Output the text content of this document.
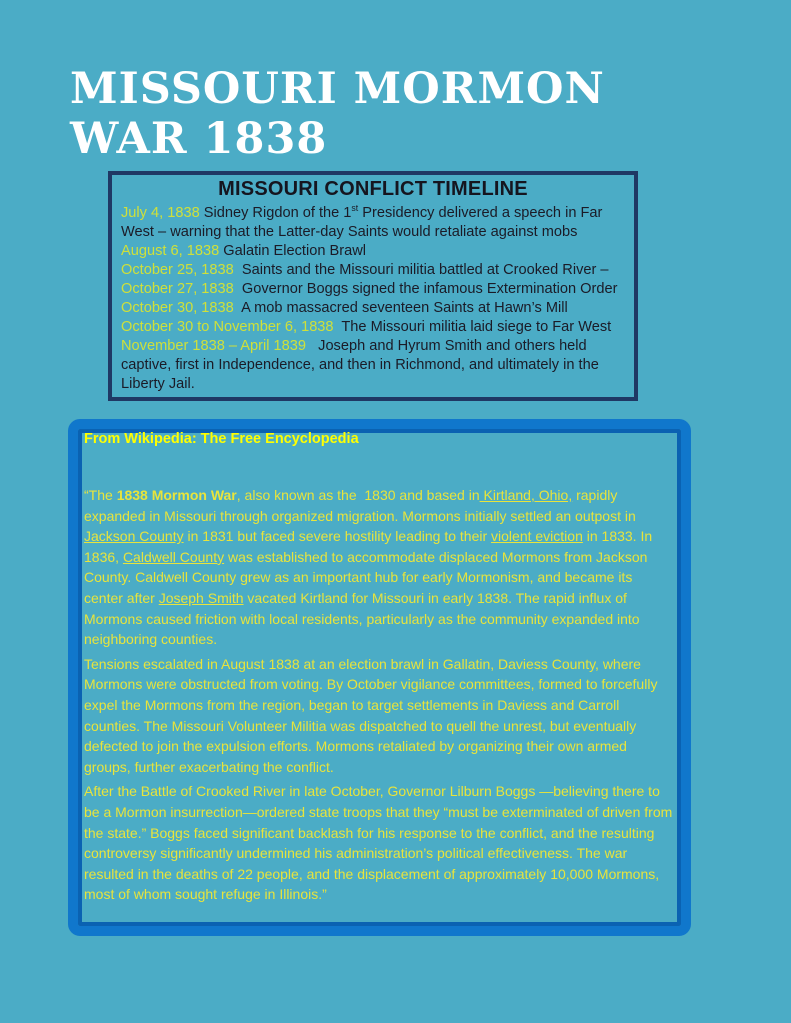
MISSOURI MORMON
WAR 1838
MISSOURI CONFLICT TIMELINE
July 4, 1838 Sidney Rigdon of the 1st Presidency delivered a speech in Far West – warning that the Latter-day Saints would retaliate against mobs
August 6, 1838 Galatin Election Brawl
October 25, 1838  Saints and the Missouri militia battled at Crooked River –
October 27, 1838  Governor Boggs signed the infamous Extermination Order
October 30, 1838  A mob massacred seventeen Saints at Hawn’s Mill
October 30 to November 6, 1838  The Missouri militia laid siege to Far West
November 1838 – April 1839   Joseph and Hyrum Smith and others held captive, first in Independence, and then in Richmond, and ultimately in the Liberty Jail.
From Wikipedia: The Free Encyclopedia

“The 1838 Mormon War, also known as the  1830 and based in Kirtland, Ohio, rapidly expanded in Missouri through organized migration. Mormons initially settled an outpost in Jackson County in 1831 but faced severe hostility leading to their violent eviction in 1833. In 1836, Caldwell County was established to accommodate displaced Mormons from Jackson County. Caldwell County grew as an important hub for early Mormonism, and became its center after Joseph Smith vacated Kirtland for Missouri in early 1838. The rapid influx of Mormons caused friction with local residents, particularly as the community expanded into neighboring counties.

Tensions escalated in August 1838 at an election brawl in Gallatin, Daviess County, where Mormons were obstructed from voting. By October vigilance committees, formed to forcefully expel the Mormons from the region, began to target settlements in Daviess and Carroll counties. The Missouri Volunteer Militia was dispatched to quell the unrest, but eventually defected to join the expulsion efforts. Mormons retaliated by organizing their own armed groups, further exacerbating the conflict.

After the Battle of Crooked River in late October, Governor Lilburn Boggs —believing there to be a Mormon insurrection—ordered state troops that they “must be exterminated of driven from the state.” Boggs faced significant backlash for his response to the conflict, and the resulting controversy significantly undermined his administration’s political effectiveness. The war resulted in the deaths of 22 people, and the displacement of approximately 10,000 Mormons, most of whom sought refuge in Illinois.”
